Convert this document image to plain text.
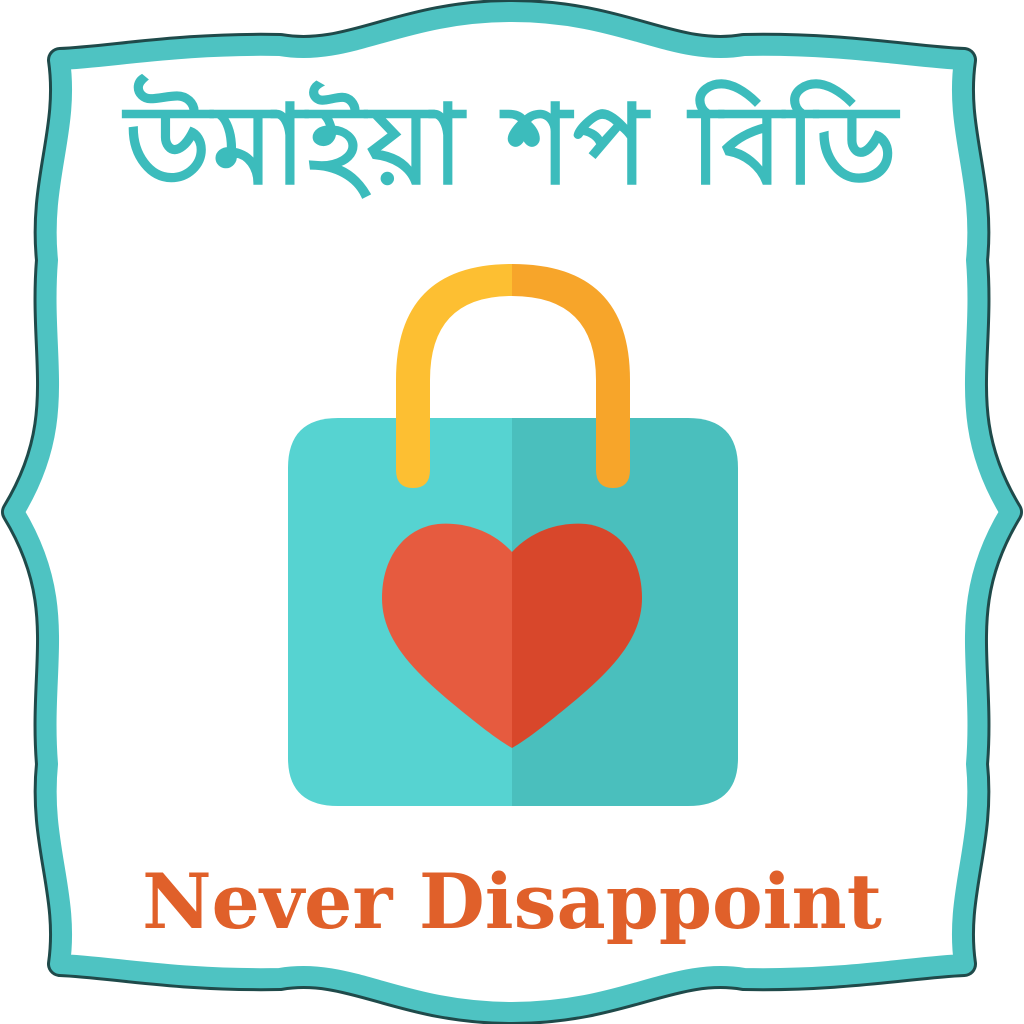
উমাইয়া শপ বিডি
Never Disappoint
